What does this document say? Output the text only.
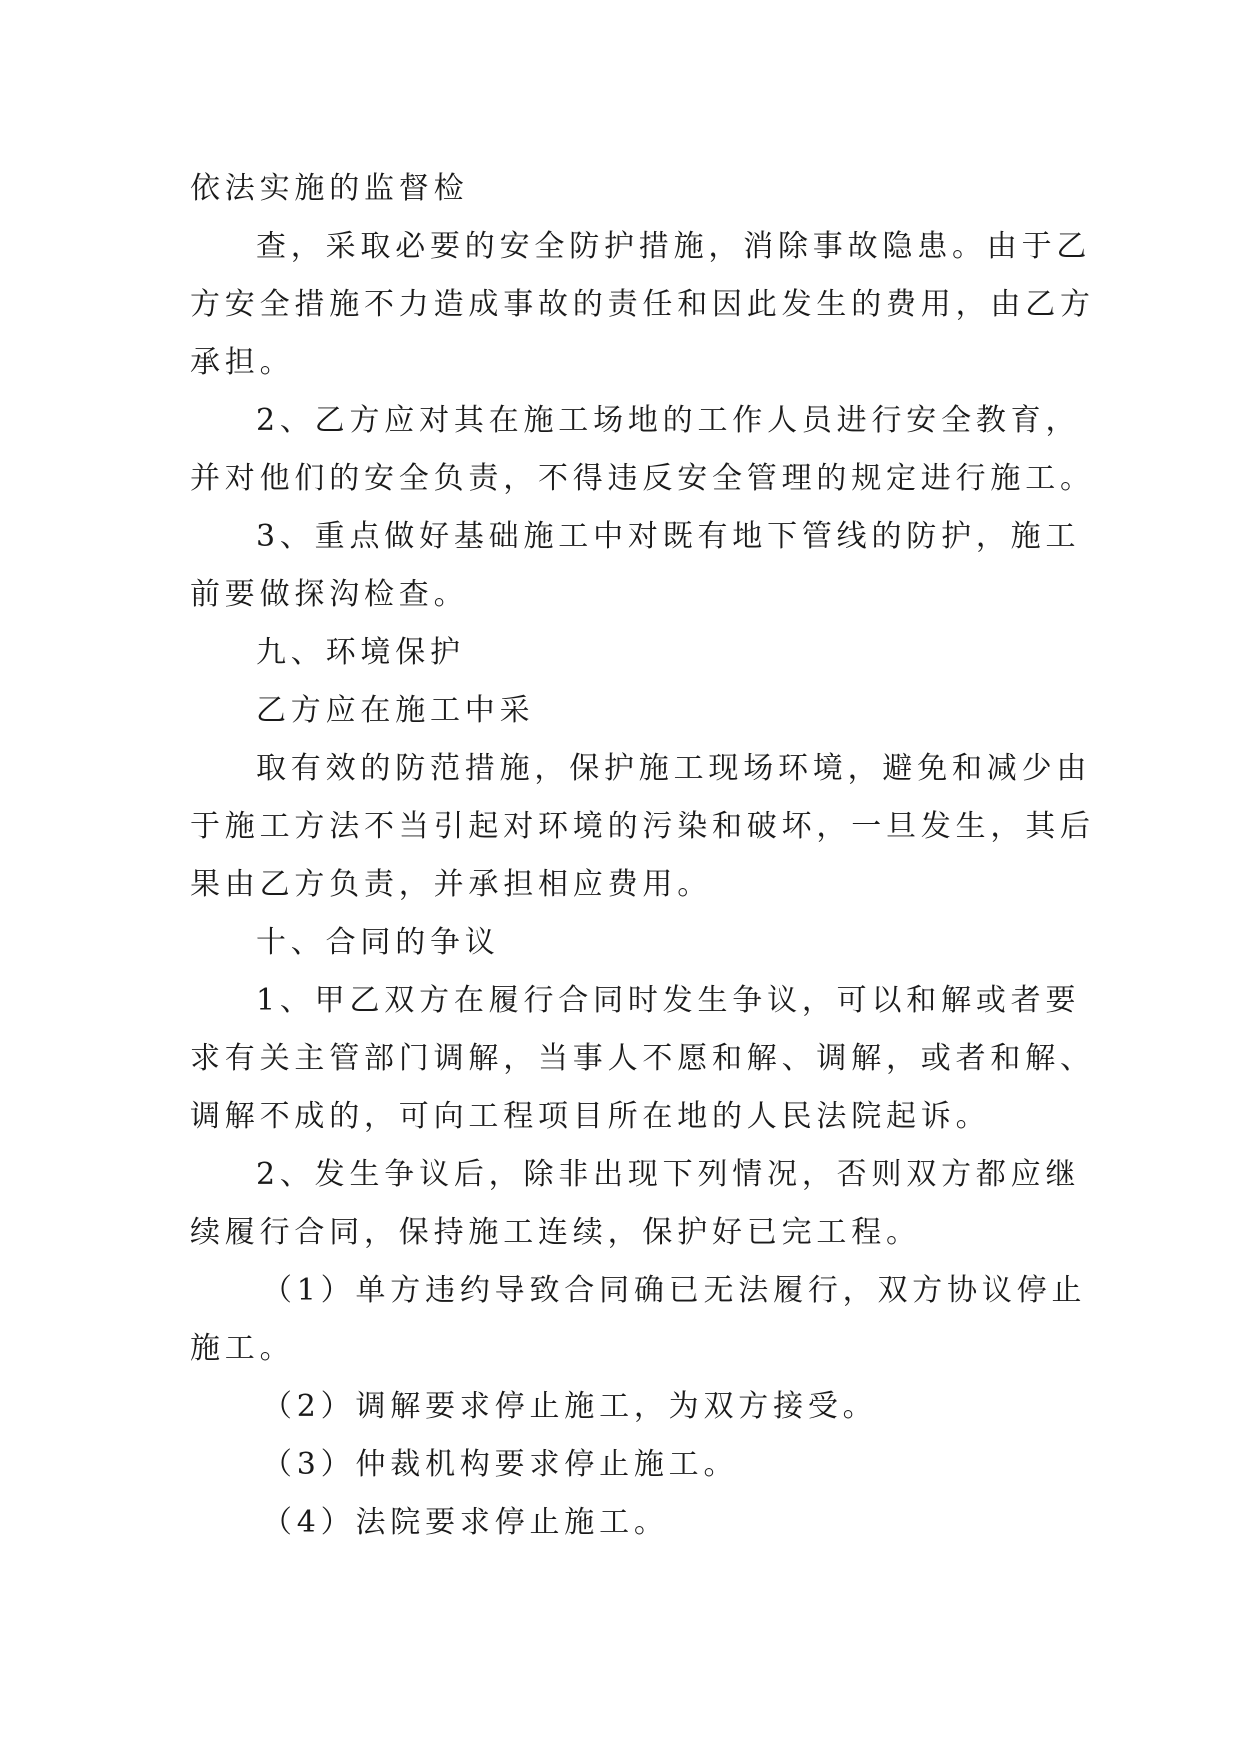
依法实施的监督检
查，采取必要的安全防护措施，消除事故隐患。由于乙
方安全措施不力造成事故的责任和因此发生的费用，由乙方
承担。
2、乙方应对其在施工场地的工作人员进行安全教育，
并对他们的安全负责，不得违反安全管理的规定进行施工。
3、重点做好基础施工中对既有地下管线的防护，施工
前要做探沟检查。
九、环境保护
乙方应在施工中采
取有效的防范措施，保护施工现场环境，避免和减少由
于施工方法不当引起对环境的污染和破坏，一旦发生，其后
果由乙方负责，并承担相应费用。
十、合同的争议
1、甲乙双方在履行合同时发生争议，可以和解或者要
求有关主管部门调解，当事人不愿和解、调解，或者和解、
调解不成的，可向工程项目所在地的人民法院起诉。
2、发生争议后，除非出现下列情况，否则双方都应继
续履行合同，保持施工连续，保护好已完工程。
（1）单方违约导致合同确已无法履行，双方协议停止
施工。
（2）调解要求停止施工，为双方接受。
（3）仲裁机构要求停止施工。
（4）法院要求停止施工。
